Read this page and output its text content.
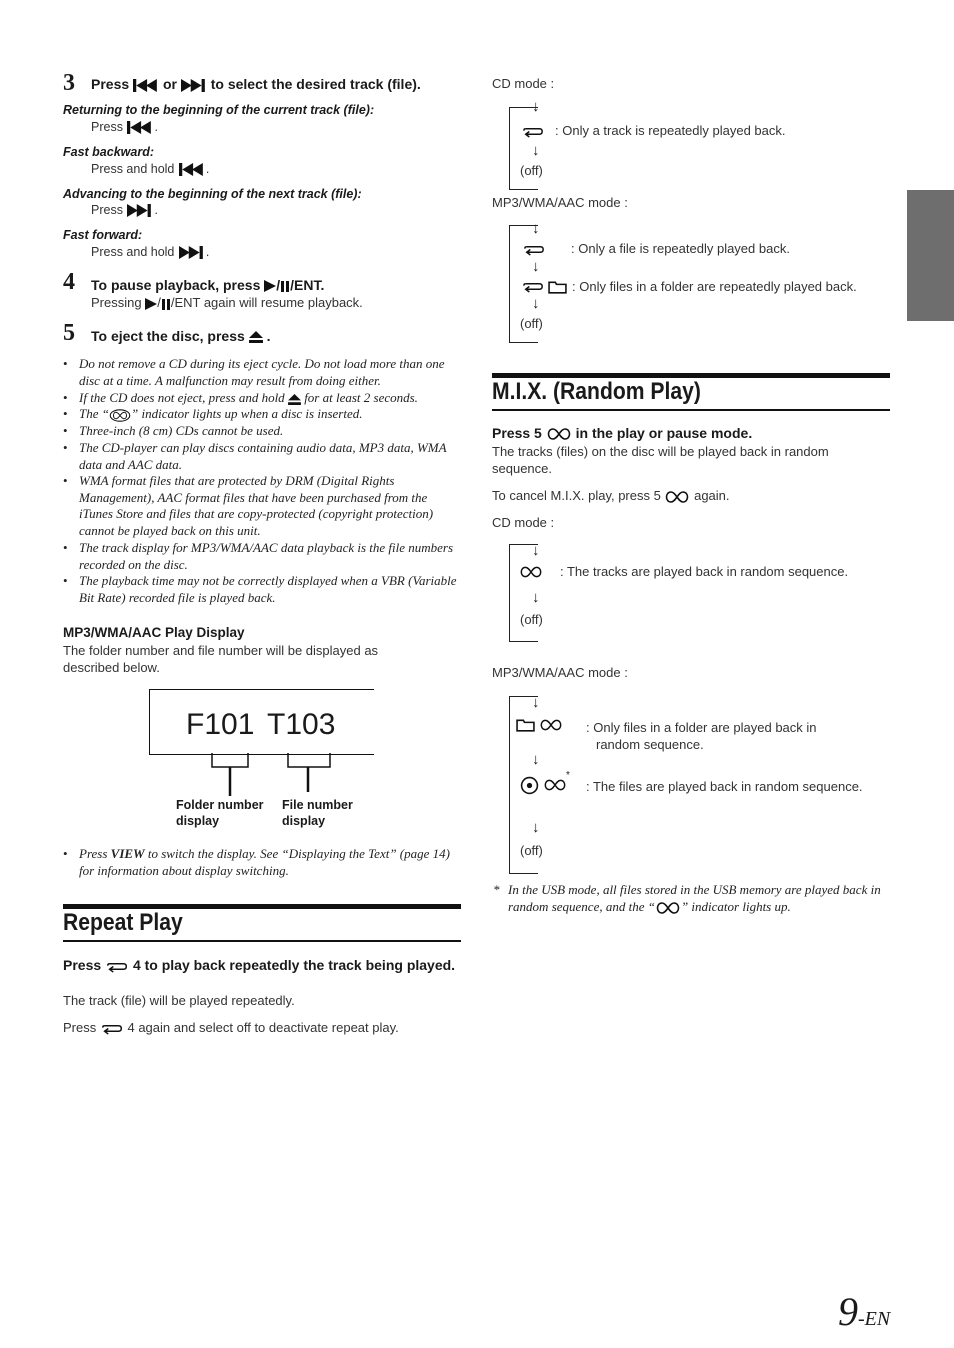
3 Press or to select the desired track (file).
Returning to the beginning of the current track (file):
Press	.
Fast backward:
Press and hold	.
Advancing to the beginning of the next track (file):
Press	.
Fast forward:
Press and hold	.
4 To pause playback, press / /ENT.
Pressing / /ENT again will resume playback.
5 To eject the disc, press .
• Do not remove a CD during its eject cycle. Do not load more than one disc at a time. A malfunction may result from doing either.
• If the CD does not eject, press and hold for at least 2 seconds.
• The “ ” indicator lights up when a disc is inserted.
• Three-inch (8 cm) CDs cannot be used.
• The CD-player can play discs containing audio data, MP3 data, WMA data and AAC data.
• WMA format files that are protected by DRM (Digital Rights Management), AAC format files that have been purchased from the iTunes Store and files that are copy-protected (copyright protection) cannot be played back on this unit.
• The track display for MP3/WMA/AAC data playback is the file numbers recorded on the disc.
• The playback time may not be correctly displayed when a VBR (Variable Bit Rate) recorded file is played back.
MP3/WMA/AAC Play Display
The folder number and file number will be displayed as described below.
F101 T103
Folder number
display
File number
display
• Press VIEW to switch the display. See “Displaying the Text” (page 14) for information about display switching.
Repeat Play
Press 4 to play back repeatedly the track being played.
The track (file) will be played repeatedly.
Press 4 again and select off to deactivate repeat play.
CD mode :
↓
: Only a track is repeatedly played back.
↓
(off)
MP3/WMA/AAC mode :
↓
: Only a file is repeatedly played back.
↓
: Only files in a folder are repeatedly played back.
↓
(off)
M.I.X. (Random Play)
Press 5 in the play or pause mode.
The tracks (files) on the disc will be played back in random sequence.
To cancel M.I.X. play, press 5	again.
CD mode :
↓
: The tracks are played back in random sequence.
↓
(off)
MP3/WMA/AAC mode :
↓
: Only files in a folder are played back in
random sequence.
↓
*
: The files are played back in random sequence.
↓
(off)
* In the USB mode, all files stored in the USB memory are played back in random sequence, and the “ ” indicator lights up.
9-EN
